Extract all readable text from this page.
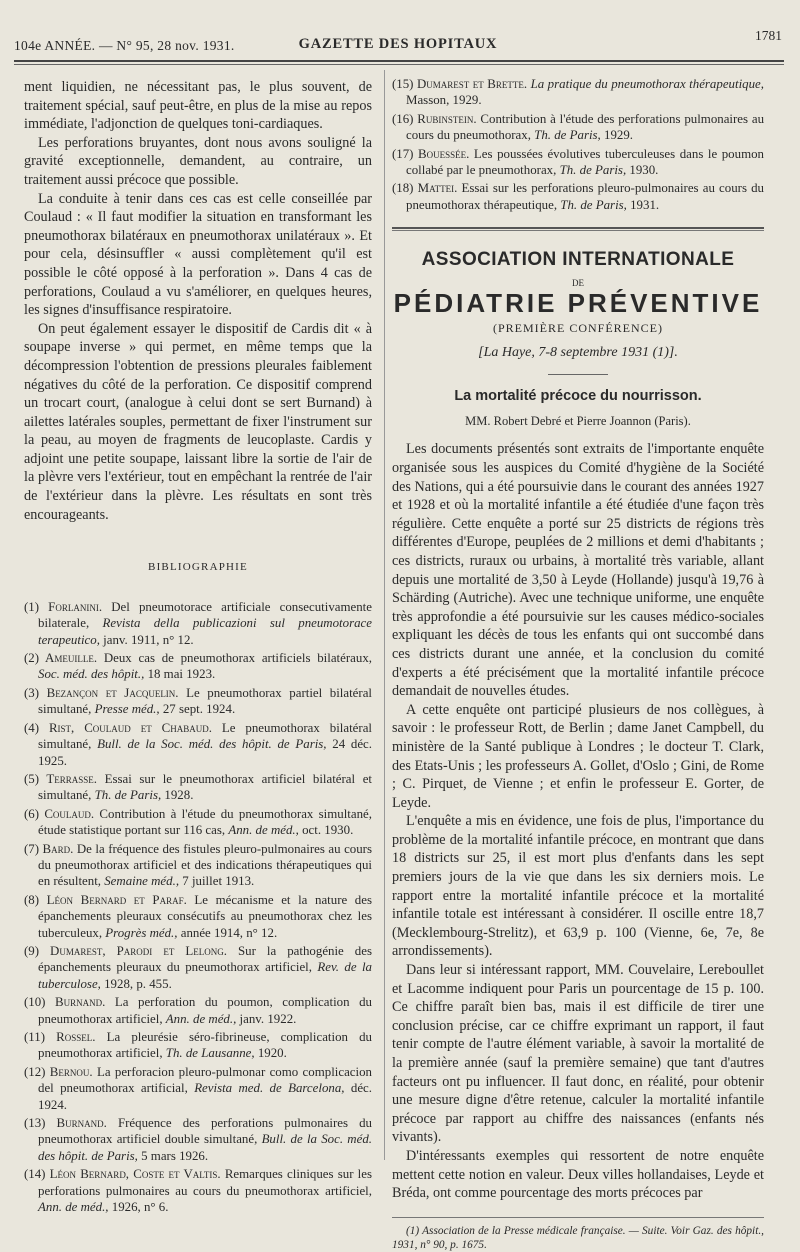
104e ANNÉE. — N° 95, 28 nov. 1931.	GAZETTE DES HOPITAUX
1781

ment liquidien, ne nécessitant pas, le plus souvent, de traitement spécial, sauf peut-être, en plus de la mise au repos immédiate, l'adjonction de quelques toni-cardiaques.

Les perforations bruyantes, dont nous avons souligné la gravité exceptionnelle, demandent, au contraire, un traitement aussi précoce que possible.

La conduite à tenir dans ces cas est celle conseillée par Coulaud : « Il faut modifier la situation en transformant les pneumothorax bilatéraux en pneumothorax unilatéraux ». Et pour cela, désinsuffler « aussi complètement qu'il est possible le côté opposé à la perforation ». Dans 4 cas de perforations, Coulaud a vu s'améliorer, en quelques heures, les signes d'insuffisance respiratoire.

On peut également essayer le dispositif de Cardis dit « à soupape inverse » qui permet, en même temps que la décompression l'obtention de pressions pleurales faiblement négatives du côté de la perforation. Ce dispositif comprend un trocart court, (analogue à celui dont se sert Burnand) à ailettes latérales souples, permettant de fixer l'instrument sur la peau, au moyen de fragments de leucoplaste. Cardis y adjoint une petite soupape, laissant libre la sortie de l'air de la plèvre vers l'extérieur, tout en empêchant la rentrée de l'air de l'extérieur dans la plèvre. Les résultats en sont très encourageants.

BIBLIOGRAPHIE
(1) Forlanini. Del pneumotorace artificiale consecutivamente bilaterale, Revista della publicazioni sul pneumotorace terapeutico, janv. 1911, n° 12.
(2) Ameuille. Deux cas de pneumothorax artificiels bilatéraux, Soc. méd. des hôpit., 18 mai 1923.
(3) Bezançon et Jacquelin. Le pneumothorax partiel bilatéral simultané, Presse méd., 27 sept. 1924.
(4) Rist, Coulaud et Chabaud. Le pneumothorax bilatéral simultané, Bull. de la Soc. méd. des hôpit. de Paris, 24 déc. 1925.
(5) Terrasse. Essai sur le pneumothorax artificiel bilatéral et simultané, Th. de Paris, 1928.
(6) Coulaud. Contribution à l'étude du pneumothorax simultané, étude statistique portant sur 116 cas, Ann. de méd., oct. 1930.
(7) Bard. De la fréquence des fistules pleuro-pulmonaires au cours du pneumothorax artificiel et des indications thérapeutiques qui en résultent, Semaine méd., 7 juillet 1913.
(8) Léon Bernard et Paraf. Le mécanisme et la nature des épanchements pleuraux consécutifs au pneumothorax chez les tuberculeux, Progrès méd., année 1914, n° 12.
(9) Dumarest, Parodi et Lelong. Sur la pathogénie des épanchements pleuraux du pneumothorax artificiel, Rev. de la tuberculose, 1928, p. 455.
(10) Burnand. La perforation du poumon, complication du pneumothorax artificiel, Ann. de méd., janv. 1922.
(11) Rossel. La pleurésie séro-fibrineuse, complication du pneumothorax artificiel, Th. de Lausanne, 1920.
(12) Bernou. La perforacion pleuro-pulmonar como complicacion del pneumothorax artificial, Revista med. de Barcelona, déc. 1924.
(13) Burnand. Fréquence des perforations pulmonaires du pneumothorax artificiel double simultané, Bull. de la Soc. méd. des hôpit. de Paris, 5 mars 1926.
(14) Léon Bernard, Coste et Valtis. Remarques cliniques sur les perforations pulmonaires au cours du pneumothorax artificiel, Ann. de méd., 1926, n° 6.
(15) Dumarest et Brette. La pratique du pneumothorax thérapeutique, Masson, 1929.
(16) Rubinstein. Contribution à l'étude des perforations pulmonaires au cours du pneumothorax, Th. de Paris, 1929.
(17) Bouessée. Les poussées évolutives tuberculeuses dans le poumon collabé par le pneumothorax, Th. de Paris, 1930.
(18) Mattei. Essai sur les perforations pleuro-pulmonaires au cours du pneumothorax thérapeutique, Th. de Paris, 1931.
ASSOCIATION INTERNATIONALE
DE
PÉDIATRIE PRÉVENTIVE
(PREMIÈRE CONFÉRENCE)
[La Haye, 7-8 septembre 1931 (1)].
La mortalité précoce du nourrisson.
MM. Robert Debré et Pierre Joannon (Paris).

Les documents présentés sont extraits de l'importante enquête organisée sous les auspices du Comité d'hygiène de la Société des Nations, qui a été poursuivie dans le courant des années 1927 et 1928 et où la mortalité infantile a été étudiée d'une façon très régulière. Cette enquête a porté sur 25 districts de régions très différentes d'Europe, peuplées de 2 millions et demi d'habitants ; ces districts, ruraux ou urbains, à mortalité très variable, allant depuis une mortalité de 3,50 à Leyde (Hollande) jusqu'à 19,76 à Schärding (Autriche). Avec une technique uniforme, une enquête très approfondie a été poursuivie sur les causes médico-sociales expliquant les décès de tous les enfants qui ont succombé dans ces districts durant une année, et la conclusion du comité d'experts a été précisément que la mortalité infantile précoce demandait de nouvelles études.

A cette enquête ont participé plusieurs de nos collègues, à savoir : le professeur Rott, de Berlin ; dame Janet Campbell, du ministère de la Santé publique à Londres ; le docteur T. Clark, des Etats-Unis ; les professeurs A. Gollet, d'Oslo ; Gini, de Rome ; C. Pirquet, de Vienne ; et enfin le professeur E. Gorter, de Leyde.

L'enquête a mis en évidence, une fois de plus, l'importance du problème de la mortalité infantile précoce, en montrant que dans 18 districts sur 25, il est mort plus d'enfants dans les sept premiers jours de la vie que dans les six derniers mois. Le rapport entre la mortalité infantile précoce et la mortalité infantile totale est intéressant à considérer. Il oscille entre 18,7 (Mecklembourg-Strelitz), et 63,9 p. 100 (Vienne, 6e, 7e, 8e arrondissements).

Dans leur si intéressant rapport, MM. Couvelaire, Lereboullet et Lacomme indiquent pour Paris un pourcentage de 15 p. 100. Ce chiffre paraît bien bas, mais il est difficile de tirer une conclusion précise, car ce chiffre exprimant un rapport, il faut tenir compte de l'autre élément variable, à savoir la mortalité de la première année (sauf la première semaine) que tant d'autres facteurs ont pu influencer. Il faut donc, en réalité, pour obtenir une mesure digne d'être retenue, calculer la mortalité infantile précoce par rapport au chiffre des naissances (enfants nés vivants).

D'intéressants exemples qui ressortent de notre enquête mettent cette notion en valeur. Deux villes hollandaises, Leyde et Bréda, ont comme pourcentage des morts précoces par

(1) Association de la Presse médicale française. — Suite. Voir Gaz. des hôpit., 1931, n° 90, p. 1675.
